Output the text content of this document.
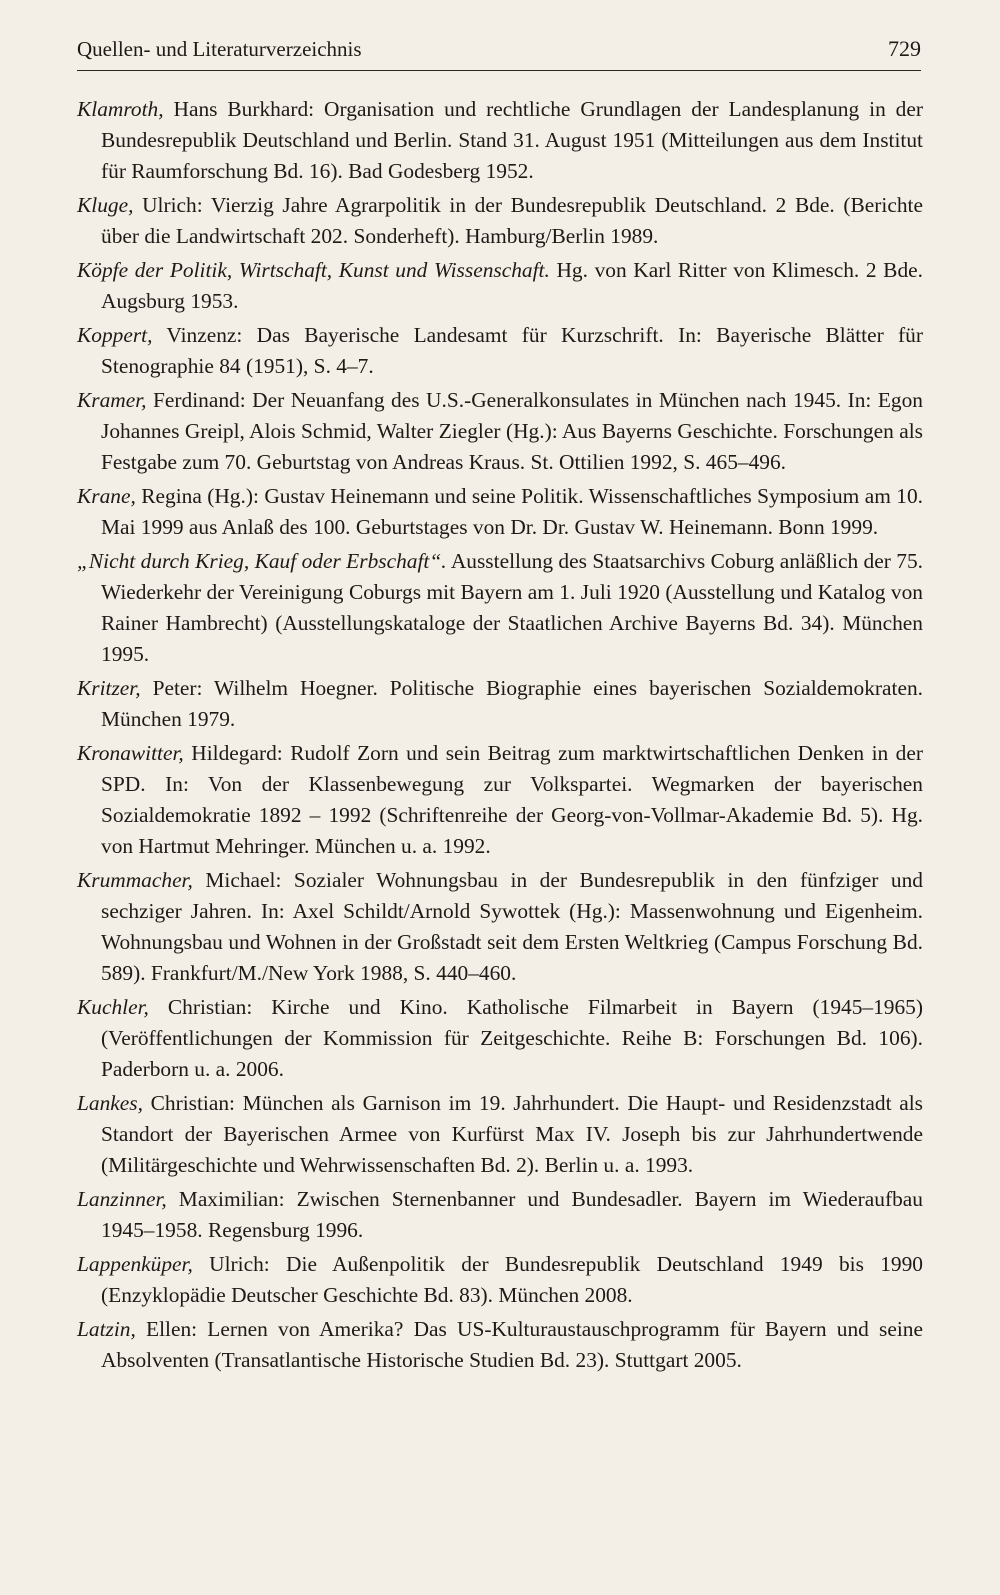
Quellen- und Literaturverzeichnis	729

Klamroth, Hans Burkhard: Organisation und rechtliche Grundlagen der Landesplanung in der Bundesrepublik Deutschland und Berlin. Stand 31. August 1951 (Mitteilungen aus dem Institut für Raumforschung Bd. 16). Bad Godesberg 1952.

Kluge, Ulrich: Vierzig Jahre Agrarpolitik in der Bundesrepublik Deutschland. 2 Bde. (Berichte über die Landwirtschaft 202. Sonderheft). Hamburg/Berlin 1989.

Köpfe der Politik, Wirtschaft, Kunst und Wissenschaft. Hg. von Karl Ritter von Klimesch. 2 Bde. Augsburg 1953.

Koppert, Vinzenz: Das Bayerische Landesamt für Kurzschrift. In: Bayerische Blätter für Stenographie 84 (1951), S. 4–7.

Kramer, Ferdinand: Der Neuanfang des U.S.-Generalkonsulates in München nach 1945. In: Egon Johannes Greipl, Alois Schmid, Walter Ziegler (Hg.): Aus Bayerns Geschichte. Forschungen als Festgabe zum 70. Geburtstag von Andreas Kraus. St. Ottilien 1992, S. 465–496.

Krane, Regina (Hg.): Gustav Heinemann und seine Politik. Wissenschaftliches Symposium am 10. Mai 1999 aus Anlaß des 100. Geburtstages von Dr. Dr. Gustav W. Heinemann. Bonn 1999.

„Nicht durch Krieg, Kauf oder Erbschaft“. Ausstellung des Staatsarchivs Coburg anläßlich der 75. Wiederkehr der Vereinigung Coburgs mit Bayern am 1. Juli 1920 (Ausstellung und Katalog von Rainer Hambrecht) (Ausstellungskataloge der Staatlichen Archive Bayerns Bd. 34). München 1995.

Kritzer, Peter: Wilhelm Hoegner. Politische Biographie eines bayerischen Sozialdemokraten. München 1979.

Kronawitter, Hildegard: Rudolf Zorn und sein Beitrag zum marktwirtschaftlichen Denken in der SPD. In: Von der Klassenbewegung zur Volkspartei. Wegmarken der bayerischen Sozialdemokratie 1892 – 1992 (Schriftenreihe der Georg-von-Vollmar-Akademie Bd. 5). Hg. von Hartmut Mehringer. München u. a. 1992.

Krummacher, Michael: Sozialer Wohnungsbau in der Bundesrepublik in den fünfziger und sechziger Jahren. In: Axel Schildt/Arnold Sywottek (Hg.): Massenwohnung und Eigenheim. Wohnungsbau und Wohnen in der Großstadt seit dem Ersten Weltkrieg (Campus Forschung Bd. 589). Frankfurt/M./New York 1988, S. 440–460.

Kuchler, Christian: Kirche und Kino. Katholische Filmarbeit in Bayern (1945–1965) (Veröffentlichungen der Kommission für Zeitgeschichte. Reihe B: Forschungen Bd. 106). Paderborn u. a. 2006.

Lankes, Christian: München als Garnison im 19. Jahrhundert. Die Haupt- und Residenzstadt als Standort der Bayerischen Armee von Kurfürst Max IV. Joseph bis zur Jahrhundertwende (Militärgeschichte und Wehrwissenschaften Bd. 2). Berlin u. a. 1993.

Lanzinner, Maximilian: Zwischen Sternenbanner und Bundesadler. Bayern im Wiederaufbau 1945–1958. Regensburg 1996.

Lappenküper, Ulrich: Die Außenpolitik der Bundesrepublik Deutschland 1949 bis 1990 (Enzyklopädie Deutscher Geschichte Bd. 83). München 2008.

Latzin, Ellen: Lernen von Amerika? Das US-Kulturaustauschprogramm für Bayern und seine Absolventen (Transatlantische Historische Studien Bd. 23). Stuttgart 2005.
